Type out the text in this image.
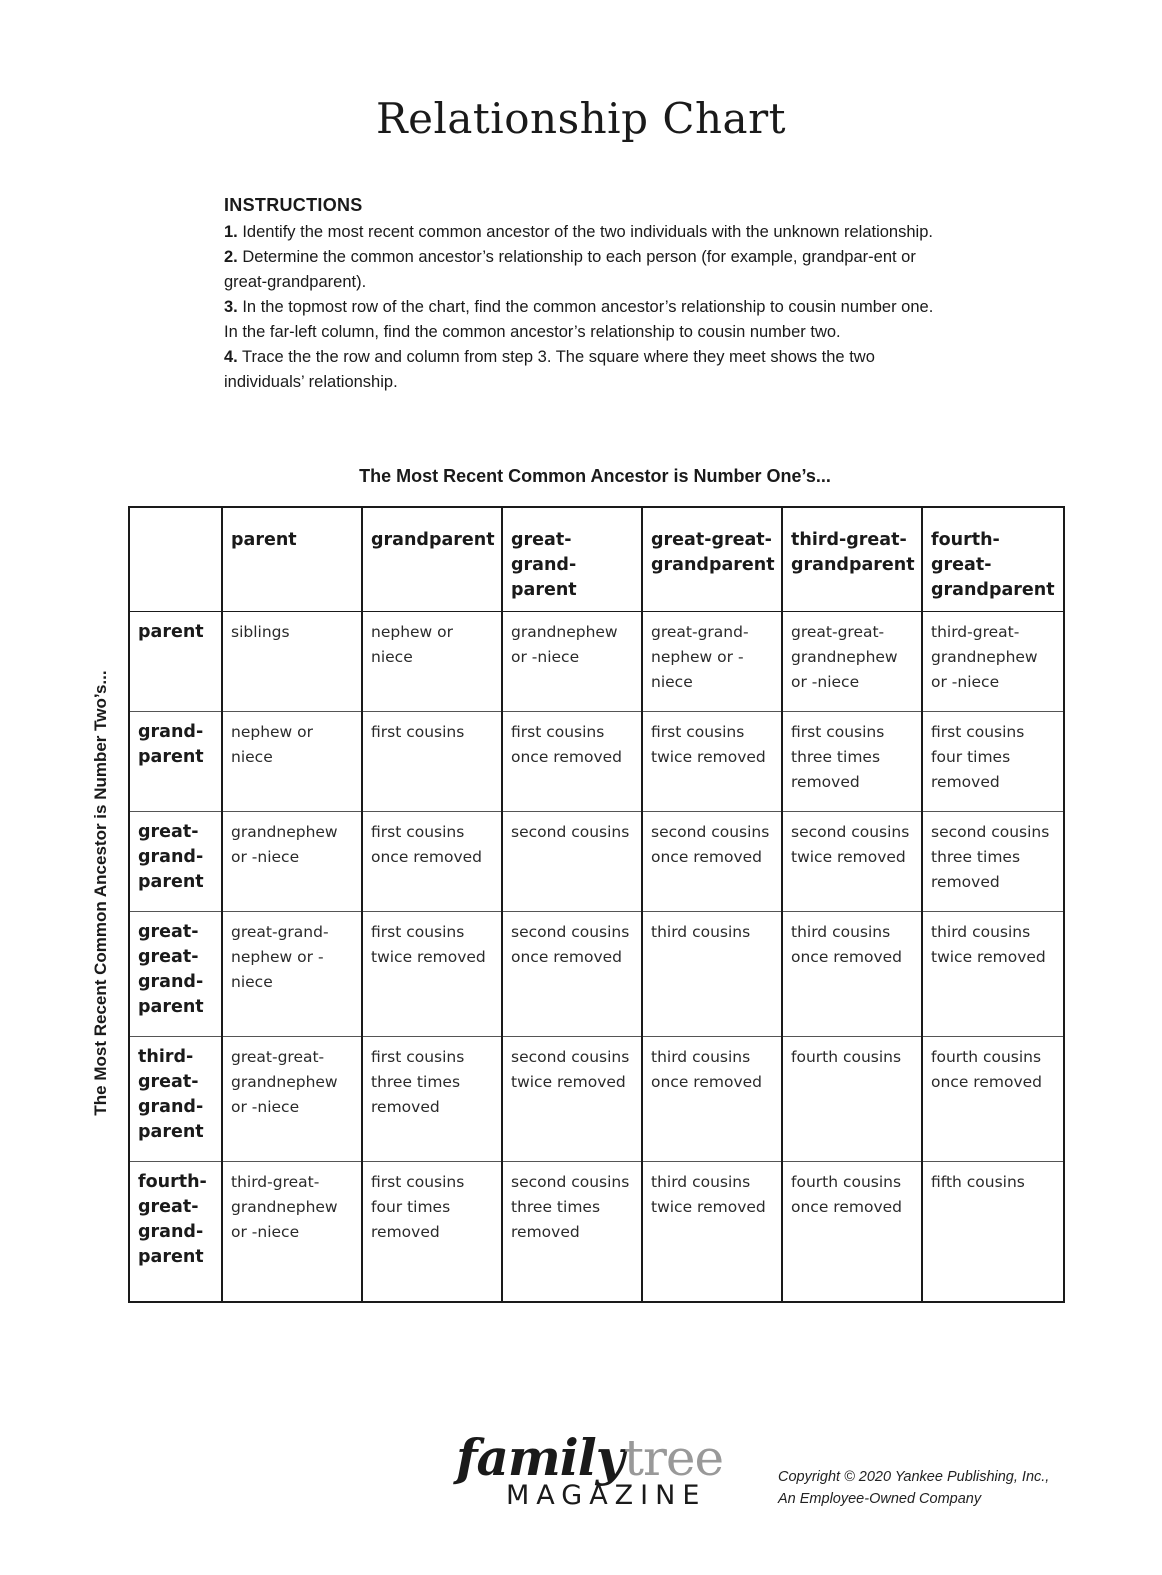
Relationship Chart
INSTRUCTIONS

1. Identify the most recent common ancestor of the two individuals with the unknown relationship.

2. Determine the common ancestor’s relationship to each person (for example, grandpar-ent or great-grandparent).

3. In the topmost row of the chart, find the common ancestor’s relationship to cousin number one. In the far-left column, find the common ancestor’s relationship to cousin number two.

4. Trace the the row and column from step 3. The square where they meet shows the two individuals’ relationship.

The Most Recent Common Ancestor is Number One’s...
The Most Recent Common Ancestor is Number Two’s...
	parent	grandparent	great-grand-parent	great-great-grandparent	third-great-grandparent	fourth-great-grandparent
parent	siblings	nephew or niece	grandnephew or -niece	great-grand-nephew or -niece	great-great-grandnephew or -niece	third-great-grandnephew or -niece
grand-parent	nephew or niece	first cousins	first cousins once removed	first cousins twice removed	first cousins three times removed	first cousins four times removed
great-grand-parent	grandnephew or -niece	first cousins once removed	second cousins	second cousins once removed	second cousins twice removed	second cousins three times removed
great-great-grand-parent	great-grand-nephew or -niece	first cousins twice removed	second cousins once removed	third cousins	third cousins once removed	third cousins twice removed
third-great-grand-parent	great-great-grandnephew or -niece	first cousins three times removed	second cousins twice removed	third cousins once removed	fourth cousins	fourth cousins once removed
fourth-great-grand-parent	third-great-grandnephew or -niece	first cousins four times removed	second cousins three times removed	third cousins twice removed	fourth cousins once removed	fifth cousins
familytree
MAGAZINE
Copyright © 2020 Yankee Publishing, Inc.,
An Employee-Owned Company
